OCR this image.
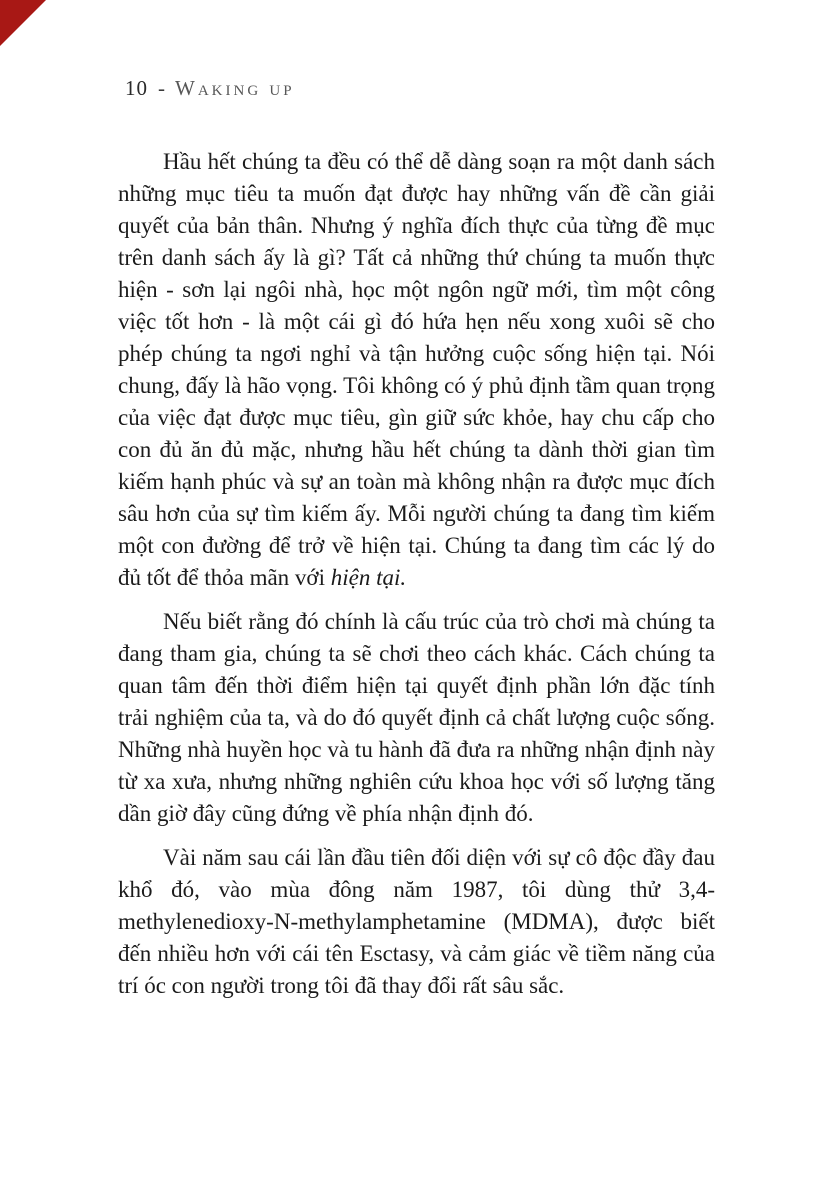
10 - Waking up

Hầu hết chúng ta đều có thể dễ dàng soạn ra một danh sách những mục tiêu ta muốn đạt được hay những vấn đề cần giải quyết của bản thân. Nhưng ý nghĩa đích thực của từng đề mục trên danh sách ấy là gì? Tất cả những thứ chúng ta muốn thực hiện - sơn lại ngôi nhà, học một ngôn ngữ mới, tìm một công việc tốt hơn - là một cái gì đó hứa hẹn nếu xong xuôi sẽ cho phép chúng ta ngơi nghỉ và tận hưởng cuộc sống hiện tại. Nói chung, đấy là hão vọng. Tôi không có ý phủ định tầm quan trọng của việc đạt được mục tiêu, gìn giữ sức khỏe, hay chu cấp cho con đủ ăn đủ mặc, nhưng hầu hết chúng ta dành thời gian tìm kiếm hạnh phúc và sự an toàn mà không nhận ra được mục đích sâu hơn của sự tìm kiếm ấy. Mỗi người chúng ta đang tìm kiếm một con đường để trở về hiện tại. Chúng ta đang tìm các lý do đủ tốt để thỏa mãn với hiện tại.

Nếu biết rằng đó chính là cấu trúc của trò chơi mà chúng ta đang tham gia, chúng ta sẽ chơi theo cách khác. Cách chúng ta quan tâm đến thời điểm hiện tại quyết định phần lớn đặc tính trải nghiệm của ta, và do đó quyết định cả chất lượng cuộc sống. Những nhà huyền học và tu hành đã đưa ra những nhận định này từ xa xưa, nhưng những nghiên cứu khoa học với số lượng tăng dần giờ đây cũng đứng về phía nhận định đó.

Vài năm sau cái lần đầu tiên đối diện với sự cô độc đầy đau khổ đó, vào mùa đông năm 1987, tôi dùng thử 3,4-methylenedioxy-N-methylamphetamine (MDMA), được biết đến nhiều hơn với cái tên Esctasy, và cảm giác về tiềm năng của trí óc con người trong tôi đã thay đổi rất sâu sắc.
